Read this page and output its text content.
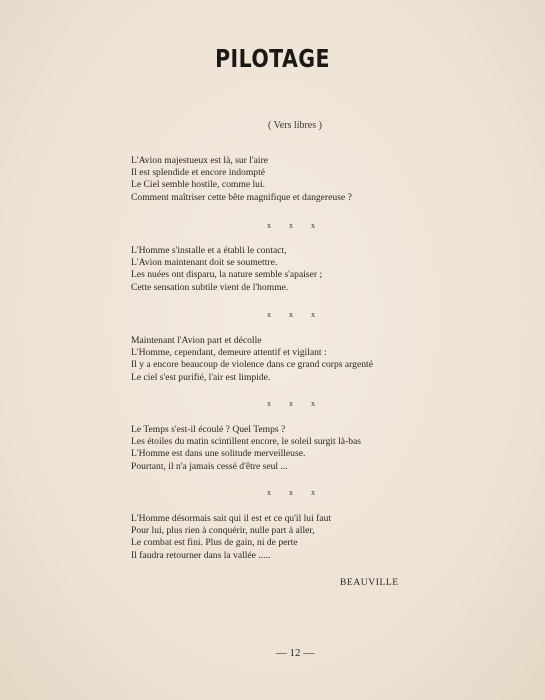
PILOTAGE
( Vers libres )
L'Avion majestueux est là, sur l'aire
Il est splendide et encore indompté
Le Ciel semble hostile, comme lui.
Comment maîtriser cette bête magnifique et dangereuse ?
x x x
L'Homme s'installe et a établi le contact,
L'Avion maintenant doit se soumettre.
Les nuées ont disparu, la nature semble s'apaiser ;
Cette sensation subtile vient de l'homme.
x x x
Maintenant l'Avion part et décolle
L'Homme, cependant, demeure attentif et vigilant :
Il y a encore beaucoup de violence dans ce grand corps argenté
Le ciel s'est purifié, l'air est limpide.
x x x
Le Temps s'est-il écoulé ? Quel Temps ?
Les étoiles du matin scintillent encore, le soleil surgit là-bas
L'Homme est dans une solitude merveilleuse.
Pourtant, il n'a jamais cessé d'être seul ...
x x x
L'Homme désormais sait qui il est et ce qu'il lui faut
Pour lui, plus rien à conquérir, nulle part à aller,
Le combat est fini. Plus de gain, ni de perte
Il faudra retourner dans la vallée .....
BEAUVILLE
— 12 —
